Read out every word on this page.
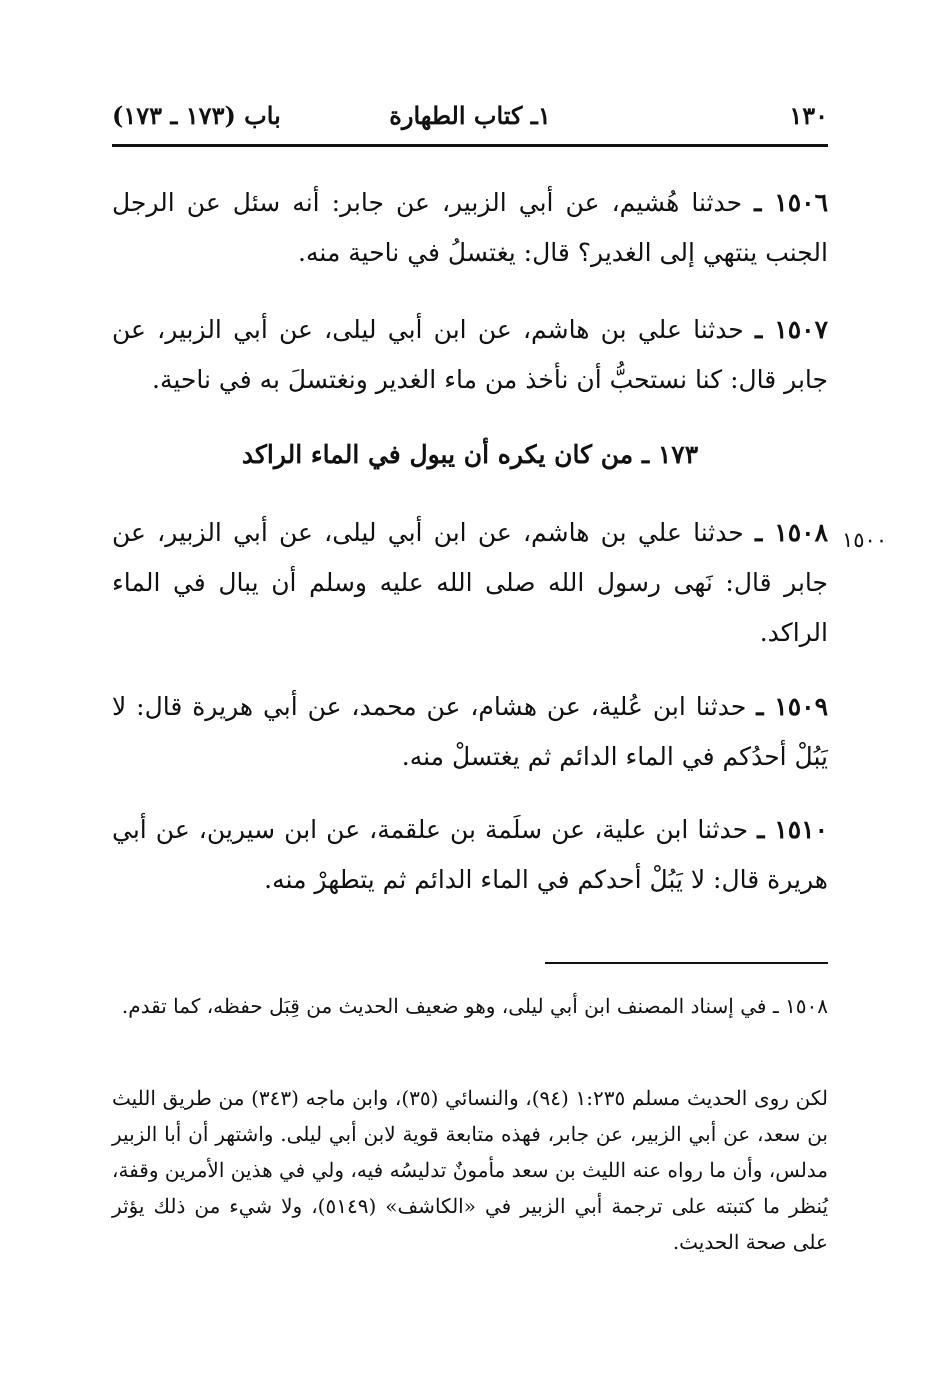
١٣٠
١ـ كتاب الطهارة
باب (١٧٣ ـ ١٧٣)

١٥٠٦ ـ حدثنا هُشيم، عن أبي الزبير، عن جابر: أنه سئل عن الرجل الجنب ينتهي إلى الغدير؟ قال: يغتسلُ في ناحية منه.

١٥٠٧ ـ حدثنا علي بن هاشم، عن ابن أبي ليلى، عن أبي الزبير، عن جابر قال: كنا نستحبُّ أن نأخذ من ماء الغدير ونغتسلَ به في ناحية.

١٧٣ ـ من كان يكره أن يبول في الماء الراكد
١٥٠٠

١٥٠٨ ـ حدثنا علي بن هاشم، عن ابن أبي ليلى، عن أبي الزبير، عن جابر قال: نَهى رسول الله صلى الله عليه وسلم أن يبال في الماء الراكد.

١٥٠٩ ـ حدثنا ابن عُلية، عن هشام، عن محمد، عن أبي هريرة قال: لا يَبُلْ أحدُكم في الماء الدائم ثم يغتسلْ منه.

١٥١٠ ـ حدثنا ابن علية، عن سلَمة بن علقمة، عن ابن سيرين، عن أبي هريرة قال: لا يَبُلْ أحدكم في الماء الدائم ثم يتطهرْ منه.

١٥٠٨ ـ في إسناد المصنف ابن أبي ليلى، وهو ضعيف الحديث من قِبَل حفظه، كما تقدم.

لكن روى الحديث مسلم ١:٢٣٥ (٩٤)، والنسائي (٣٥)، وابن ماجه (٣٤٣) من طريق الليث بن سعد، عن أبي الزبير، عن جابر، فهذه متابعة قوية لابن أبي ليلى. واشتهر أن أبا الزبير مدلس، وأن ما رواه عنه الليث بن سعد مأمونٌ تدليسُه فيه، ولي في هذين الأمرين وقفة، يُنظر ما كتبته على ترجمة أبي الزبير في «الكاشف» (٥١٤٩)، ولا شيء من ذلك يؤثر على صحة الحديث.
